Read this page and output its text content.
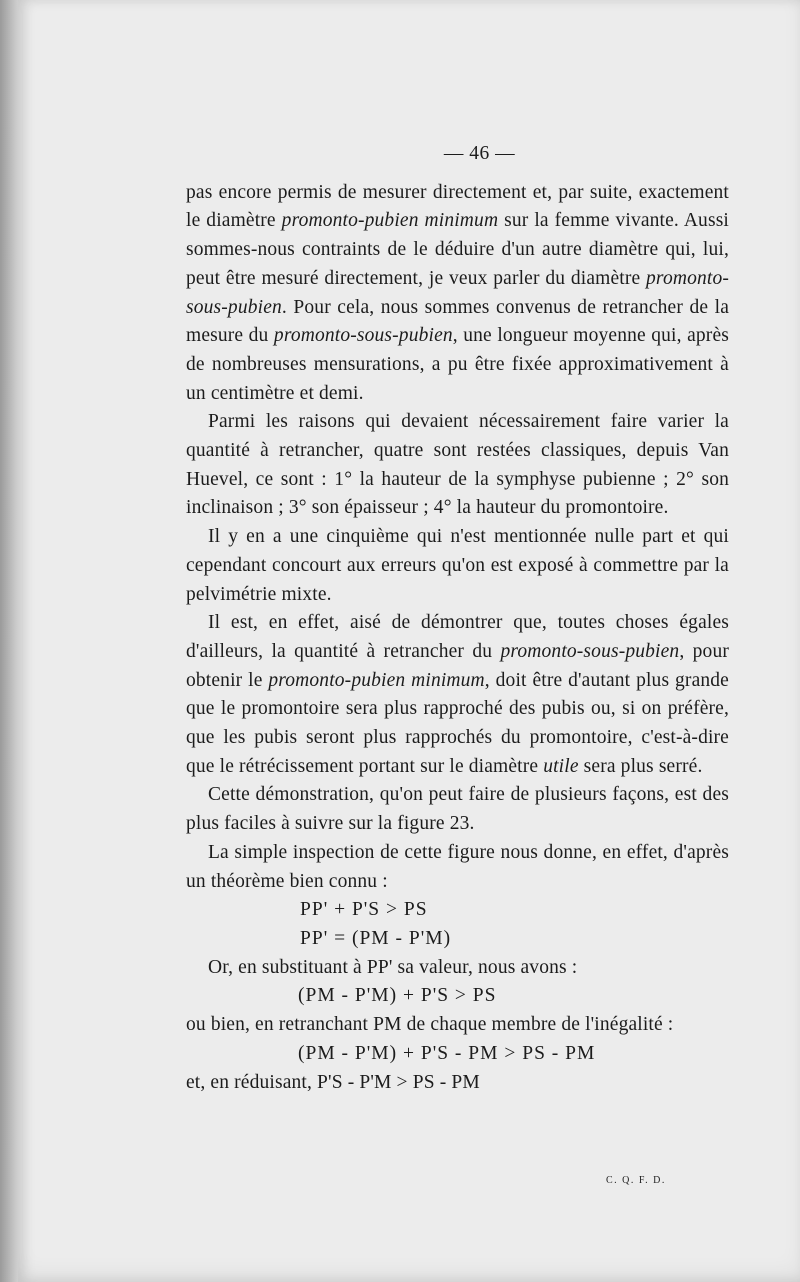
— 46 —

pas encore permis de mesurer directement et, par suite, exactement le diamètre promonto-pubien minimum sur la femme vivante. Aussi sommes-nous contraints de le déduire d'un autre diamètre qui, lui, peut être mesuré directement, je veux parler du diamètre promonto-sous-pubien. Pour cela, nous sommes convenus de retrancher de la mesure du promonto-sous-pubien, une longueur moyenne qui, après de nombreuses mensurations, a pu être fixée approximativement à un centimètre et demi.

Parmi les raisons qui devaient nécessairement faire varier la quantité à retrancher, quatre sont restées classiques, depuis Van Huevel, ce sont : 1° la hauteur de la symphyse pubienne ; 2° son inclinaison ; 3° son épaisseur ; 4° la hauteur du promontoire.

Il y en a une cinquième qui n'est mentionnée nulle part et qui cependant concourt aux erreurs qu'on est exposé à commettre par la pelvimétrie mixte.

Il est, en effet, aisé de démontrer que, toutes choses égales d'ailleurs, la quantité à retrancher du promonto-sous-pubien, pour obtenir le promonto-pubien minimum, doit être d'autant plus grande que le promontoire sera plus rapproché des pubis ou, si on préfère, que les pubis seront plus rapprochés du promontoire, c'est-à-dire que le rétrécissement portant sur le diamètre utile sera plus serré.

Cette démonstration, qu'on peut faire de plusieurs façons, est des plus faciles à suivre sur la figure 23.

La simple inspection de cette figure nous donne, en effet, d'après un théorème bien connu :

PP' + P'S > PS

PP' = (PM - P'M)

Or, en substituant à PP' sa valeur, nous avons :

(PM - P'M) + P'S > PS

ou bien, en retranchant PM de chaque membre de l'inégalité :

(PM - P'M) + P'S - PM > PS - PM

et, en réduisant, P'S - P'M > PS - PM

C. Q. F. D.
